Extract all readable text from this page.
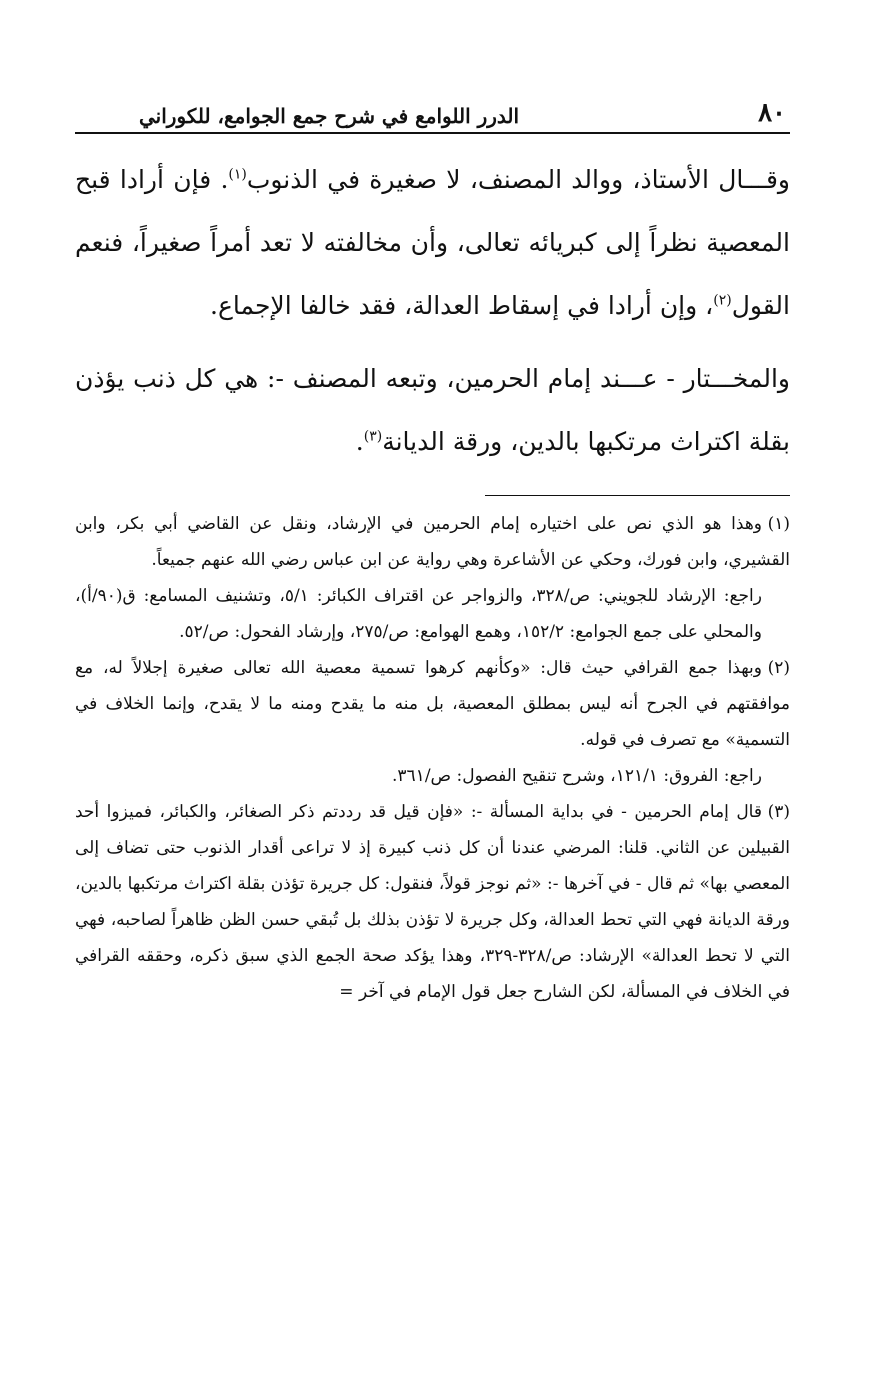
٨٠
الدرر اللوامع في شرح جمع الجوامع، للكوراني

وقـــال الأستاذ، ووالد المصنف، لا صغيرة في الذنوب$^{(١)}$. فإن أرادا قبح المعصية نظراً إلى كبريائه تعالى، وأن مخالفته لا تعد أمراً صغيراً، فنعم القول$^{(٢)}$، وإن أرادا في إسقاط العدالة، فقد خالفا الإجماع.

والمخـــتار - عـــند إمام الحرمين، وتبعه المصنف -: هي كل ذنب يؤذن بقلة اكتراث مرتكبها بالدين، ورقة الديانة$^{(٣)}$.

(١)وهذا هو الذي نص على اختياره إمام الحرمين في الإرشاد، ونقل عن القاضي أبي بكر، وابن القشيري، وابن فورك، وحكي عن الأشاعرة وهي رواية عن ابن عباس رضي الله عنهم جميعاً.

راجع: الإرشاد للجويني: ص/٣٢٨، والزواجر عن اقتراف الكبائر: ٥/١، وتشنيف المسامع: ق(٩٠/أ)، والمحلي على جمع الجوامع: ١٥٢/٢، وهمع الهوامع: ص/٢٧٥، وإرشاد الفحول: ص/٥٢.

(٢)وبهذا جمع القرافي حيث قال: «وكأنهم كرهوا تسمية معصية الله تعالى صغيرة إجلالاً له، مع موافقتهم في الجرح أنه ليس بمطلق المعصية، بل منه ما يقدح ومنه ما لا يقدح، وإنما الخلاف في التسمية» مع تصرف في قوله.

راجع: الفروق: ١٢١/١، وشرح تنقيح الفصول: ص/٣٦١.

(٣)قال إمام الحرمين - في بداية المسألة -: «فإن قيل قد رددتم ذكر الصغائر، والكبائر، فميزوا أحد القبيلين عن الثاني. قلنا: المرضي عندنا أن كل ذنب كبيرة إذ لا تراعى أقدار الذنوب حتى تضاف إلى المعصي بها» ثم قال - في آخرها -: «ثم نوجز قولاً، فنقول: كل جريرة تؤذن بقلة اكتراث مرتكبها بالدين، ورقة الديانة فهي التي تحط العدالة، وكل جريرة لا تؤذن بذلك بل تُبقي حسن الظن ظاهراً لصاحبه، فهي التي لا تحط العدالة» الإرشاد: ص/٣٢٨-٣٢٩، وهذا يؤكد صحة الجمع الذي سبق ذكره، وحققه القرافي في الخلاف في المسألة، لكن الشارح جعل قول الإمام في آخر =
